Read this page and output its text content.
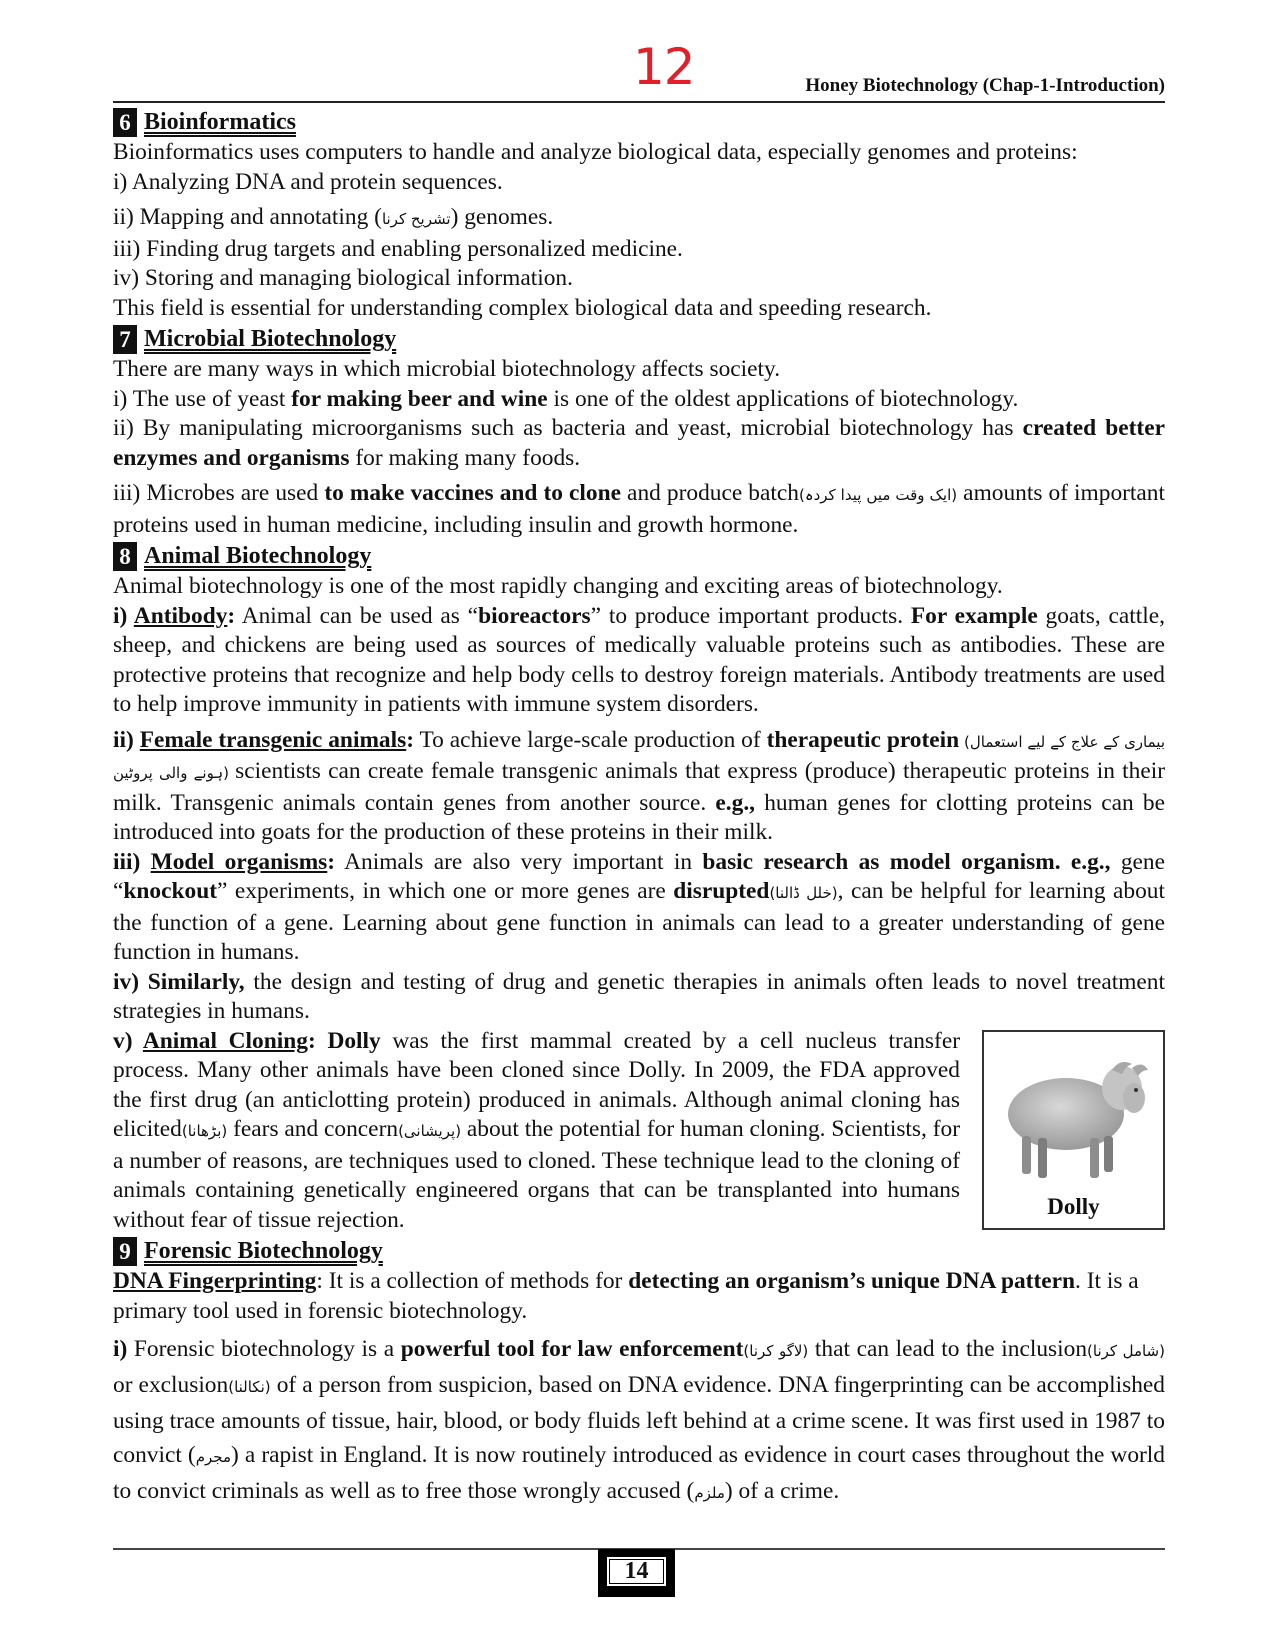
12	Honey Biotechnology (Chap-1-Introduction)
6 Bioinformatics

Bioinformatics uses computers to handle and analyze biological data, especially genomes and proteins:

i) Analyzing DNA and protein sequences.

ii) Mapping and annotating (تشریح کرنا) genomes.

iii) Finding drug targets and enabling personalized medicine.

iv) Storing and managing biological information.

This field is essential for understanding complex biological data and speeding research.

7 Microbial Biotechnology

There are many ways in which microbial biotechnology affects society.

i) The use of yeast for making beer and wine is one of the oldest applications of biotechnology.

ii) By manipulating microorganisms such as bacteria and yeast, microbial biotechnology has created better enzymes and organisms for making many foods.

iii) Microbes are used to make vaccines and to clone and produce batch(ایک وقت میں پیدا کردہ) amounts of important proteins used in human medicine, including insulin and growth hormone.

8 Animal Biotechnology

Animal biotechnology is one of the most rapidly changing and exciting areas of biotechnology.

i) Antibody: Animal can be used as “bioreactors” to produce important products. For example goats, cattle, sheep, and chickens are being used as sources of medically valuable proteins such as antibodies. These are protective proteins that recognize and help body cells to destroy foreign materials. Antibody treatments are used to help improve immunity in patients with immune system disorders.

ii) Female transgenic animals: To achieve large-scale production of therapeutic protein (بیماری کے علاج کے لیے استعمال ہونے والی پروٹین) scientists can create female transgenic animals that express (produce) therapeutic proteins in their milk. Transgenic animals contain genes from another source. e.g., human genes for clotting proteins can be introduced into goats for the production of these proteins in their milk.

iii) Model organisms: Animals are also very important in basic research as model organism. e.g., gene “knockout” experiments, in which one or more genes are disrupted(خلل ڈالنا), can be helpful for learning about the function of a gene. Learning about gene function in animals can lead to a greater understanding of gene function in humans.

iv) Similarly, the design and testing of drug and genetic therapies in animals often leads to novel treatment strategies in humans.

v) Animal Cloning: Dolly was the first mammal created by a cell nucleus transfer process. Many other animals have been cloned since Dolly. In 2009, the FDA approved the first drug (an anticlotting protein) produced in animals. Although animal cloning has elicited(بڑھانا) fears and concern(پریشانی) about the potential for human cloning. Scientists, for a number of reasons, are techniques used to cloned. These technique lead to the cloning of animals containing genetically engineered organs that can be transplanted into humans without fear of tissue rejection.

9 Forensic Biotechnology

DNA Fingerprinting: It is a collection of methods for detecting an organism’s unique DNA pattern. It is a primary tool used in forensic biotechnology.

i) Forensic biotechnology is a powerful tool for law enforcement(لاگو کرنا) that can lead to the inclusion(شامل کرنا) or exclusion(نکالنا) of a person from suspicion, based on DNA evidence. DNA fingerprinting can be accomplished using trace amounts of tissue, hair, blood, or body fluids left behind at a crime scene. It was first used in 1987 to convict (مجرم) a rapist in England. It is now routinely introduced as evidence in court cases throughout the world to convict criminals as well as to free those wrongly accused (ملزم) of a crime.

Dolly
14
